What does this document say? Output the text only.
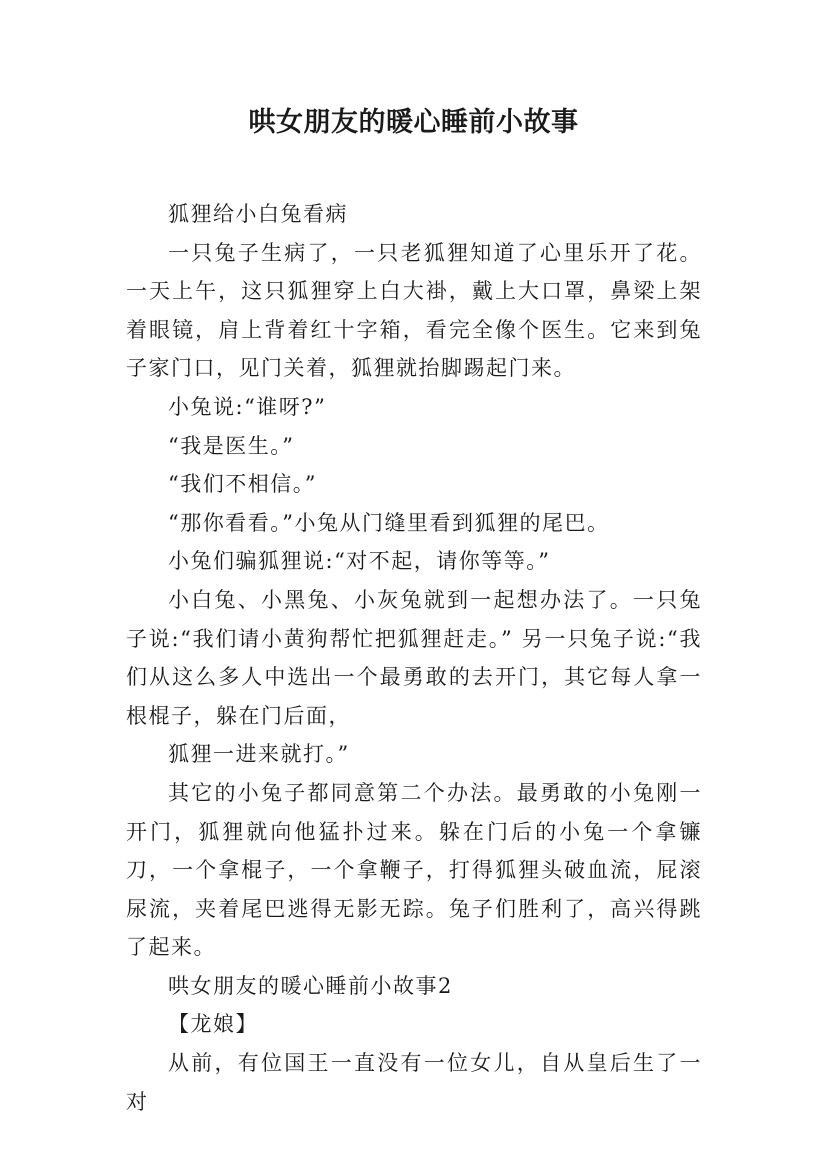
哄女朋友的暖心睡前小故事

狐狸给小白兔看病

一只兔子生病了，一只老狐狸知道了心里乐开了花。一天上午，这只狐狸穿上白大褂，戴上大口罩，鼻梁上架着眼镜，肩上背着红十字箱，看完全像个医生。它来到兔子家门口，见门关着，狐狸就抬脚踢起门来。

小兔说:“谁呀?”

“我是医生。”

“我们不相信。”

“那你看看。”小兔从门缝里看到狐狸的尾巴。

小兔们骗狐狸说:“对不起，请你等等。”

小白兔、小黑兔、小灰兔就到一起想办法了。一只兔子说:“我们请小黄狗帮忙把狐狸赶走。” 另一只兔子说:“我们从这么多人中选出一个最勇敢的去开门，其它每人拿一根棍子，躲在门后面，

狐狸一进来就打。”

其它的小兔子都同意第二个办法。最勇敢的小兔刚一开门，狐狸就向他猛扑过来。躲在门后的小兔一个拿镰刀，一个拿棍子，一个拿鞭子，打得狐狸头破血流，屁滚尿流，夹着尾巴逃得无影无踪。兔子们胜利了，高兴得跳了起来。

哄女朋友的暖心睡前小故事2

【龙娘】

从前，有位国王一直没有一位女儿，自从皇后生了一对
